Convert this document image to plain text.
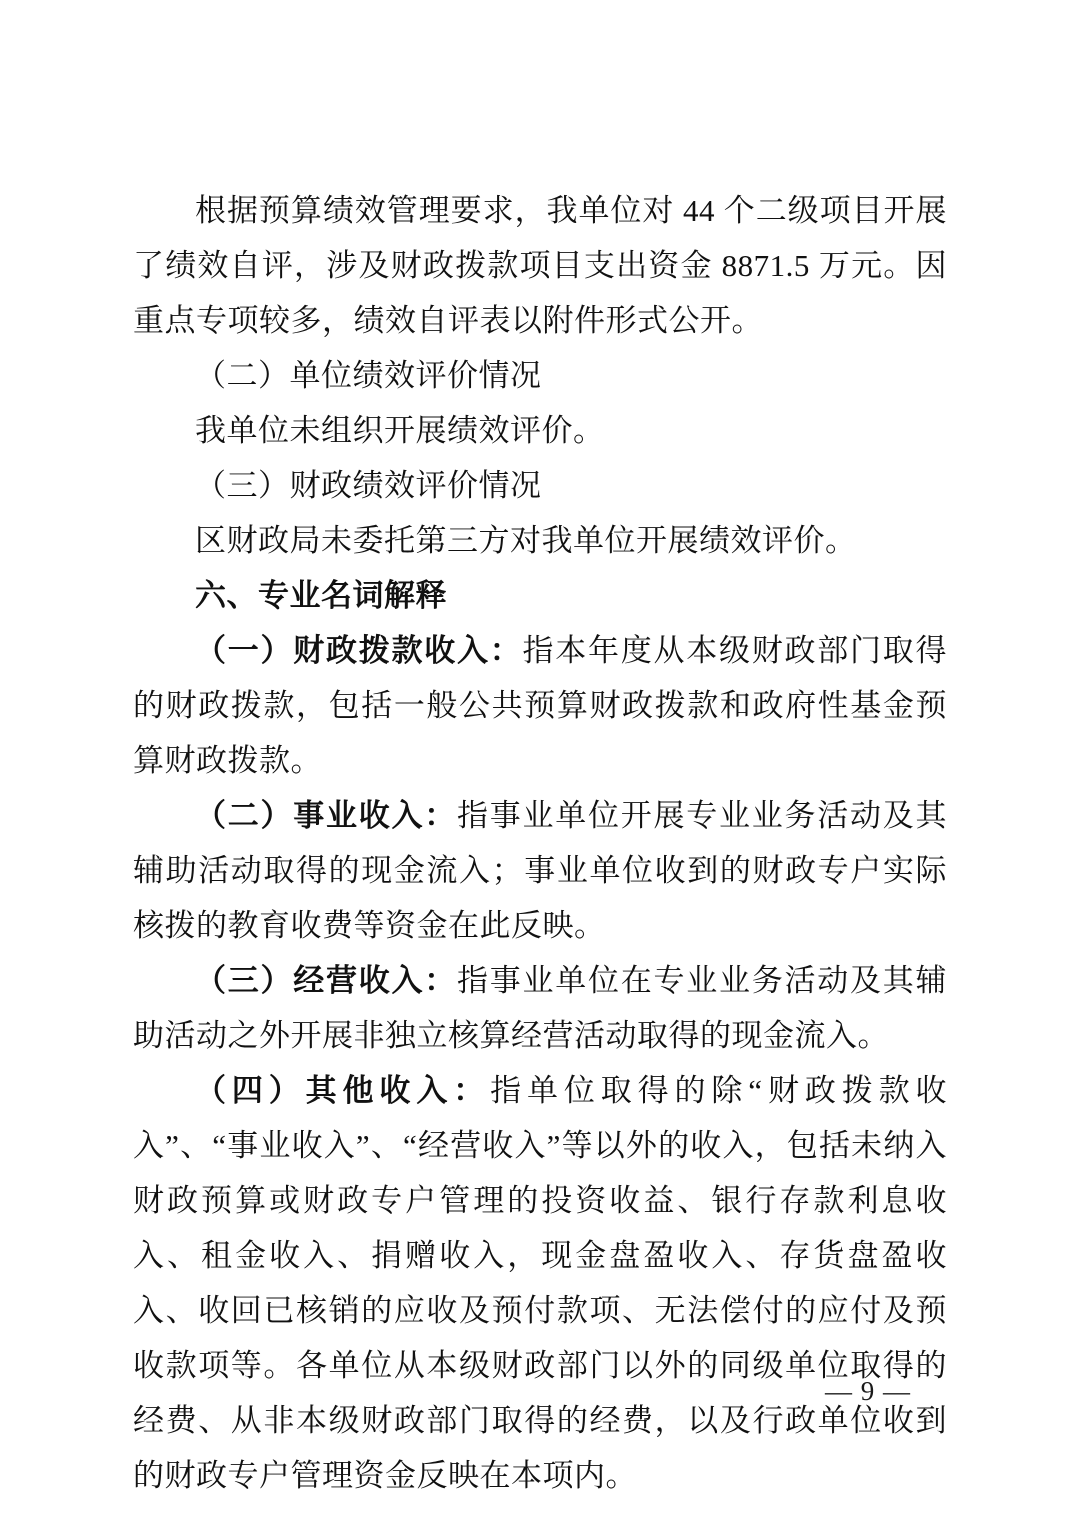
根据预算绩效管理要求，我单位对 44 个二级项目开展了绩效自评，涉及财政拨款项目支出资金 8871.5 万元。因重点专项较多，绩效自评表以附件形式公开。

（二）单位绩效评价情况

我单位未组织开展绩效评价。

（三）财政绩效评价情况

区财政局未委托第三方对我单位开展绩效评价。

六、专业名词解释

（一）财政拨款收入：指本年度从本级财政部门取得的财政拨款，包括一般公共预算财政拨款和政府性基金预算财政拨款。

（二）事业收入：指事业单位开展专业业务活动及其辅助活动取得的现金流入；事业单位收到的财政专户实际核拨的教育收费等资金在此反映。

（三）经营收入：指事业单位在专业业务活动及其辅助活动之外开展非独立核算经营活动取得的现金流入。

（四）其他收入：指单位取得的除“财政拨款收入”、“事业收入”、“经营收入”等以外的收入，包括未纳入财政预算或财政专户管理的投资收益、银行存款利息收入、租金收入、捐赠收入，现金盘盈收入、存货盘盈收入、收回已核销的应收及预付款项、无法偿付的应付及预收款项等。各单位从本级财政部门以外的同级单位取得的经费、从非本级财政部门取得的经费，以及行政单位收到的财政专户管理资金反映在本项内。

— 9 —
